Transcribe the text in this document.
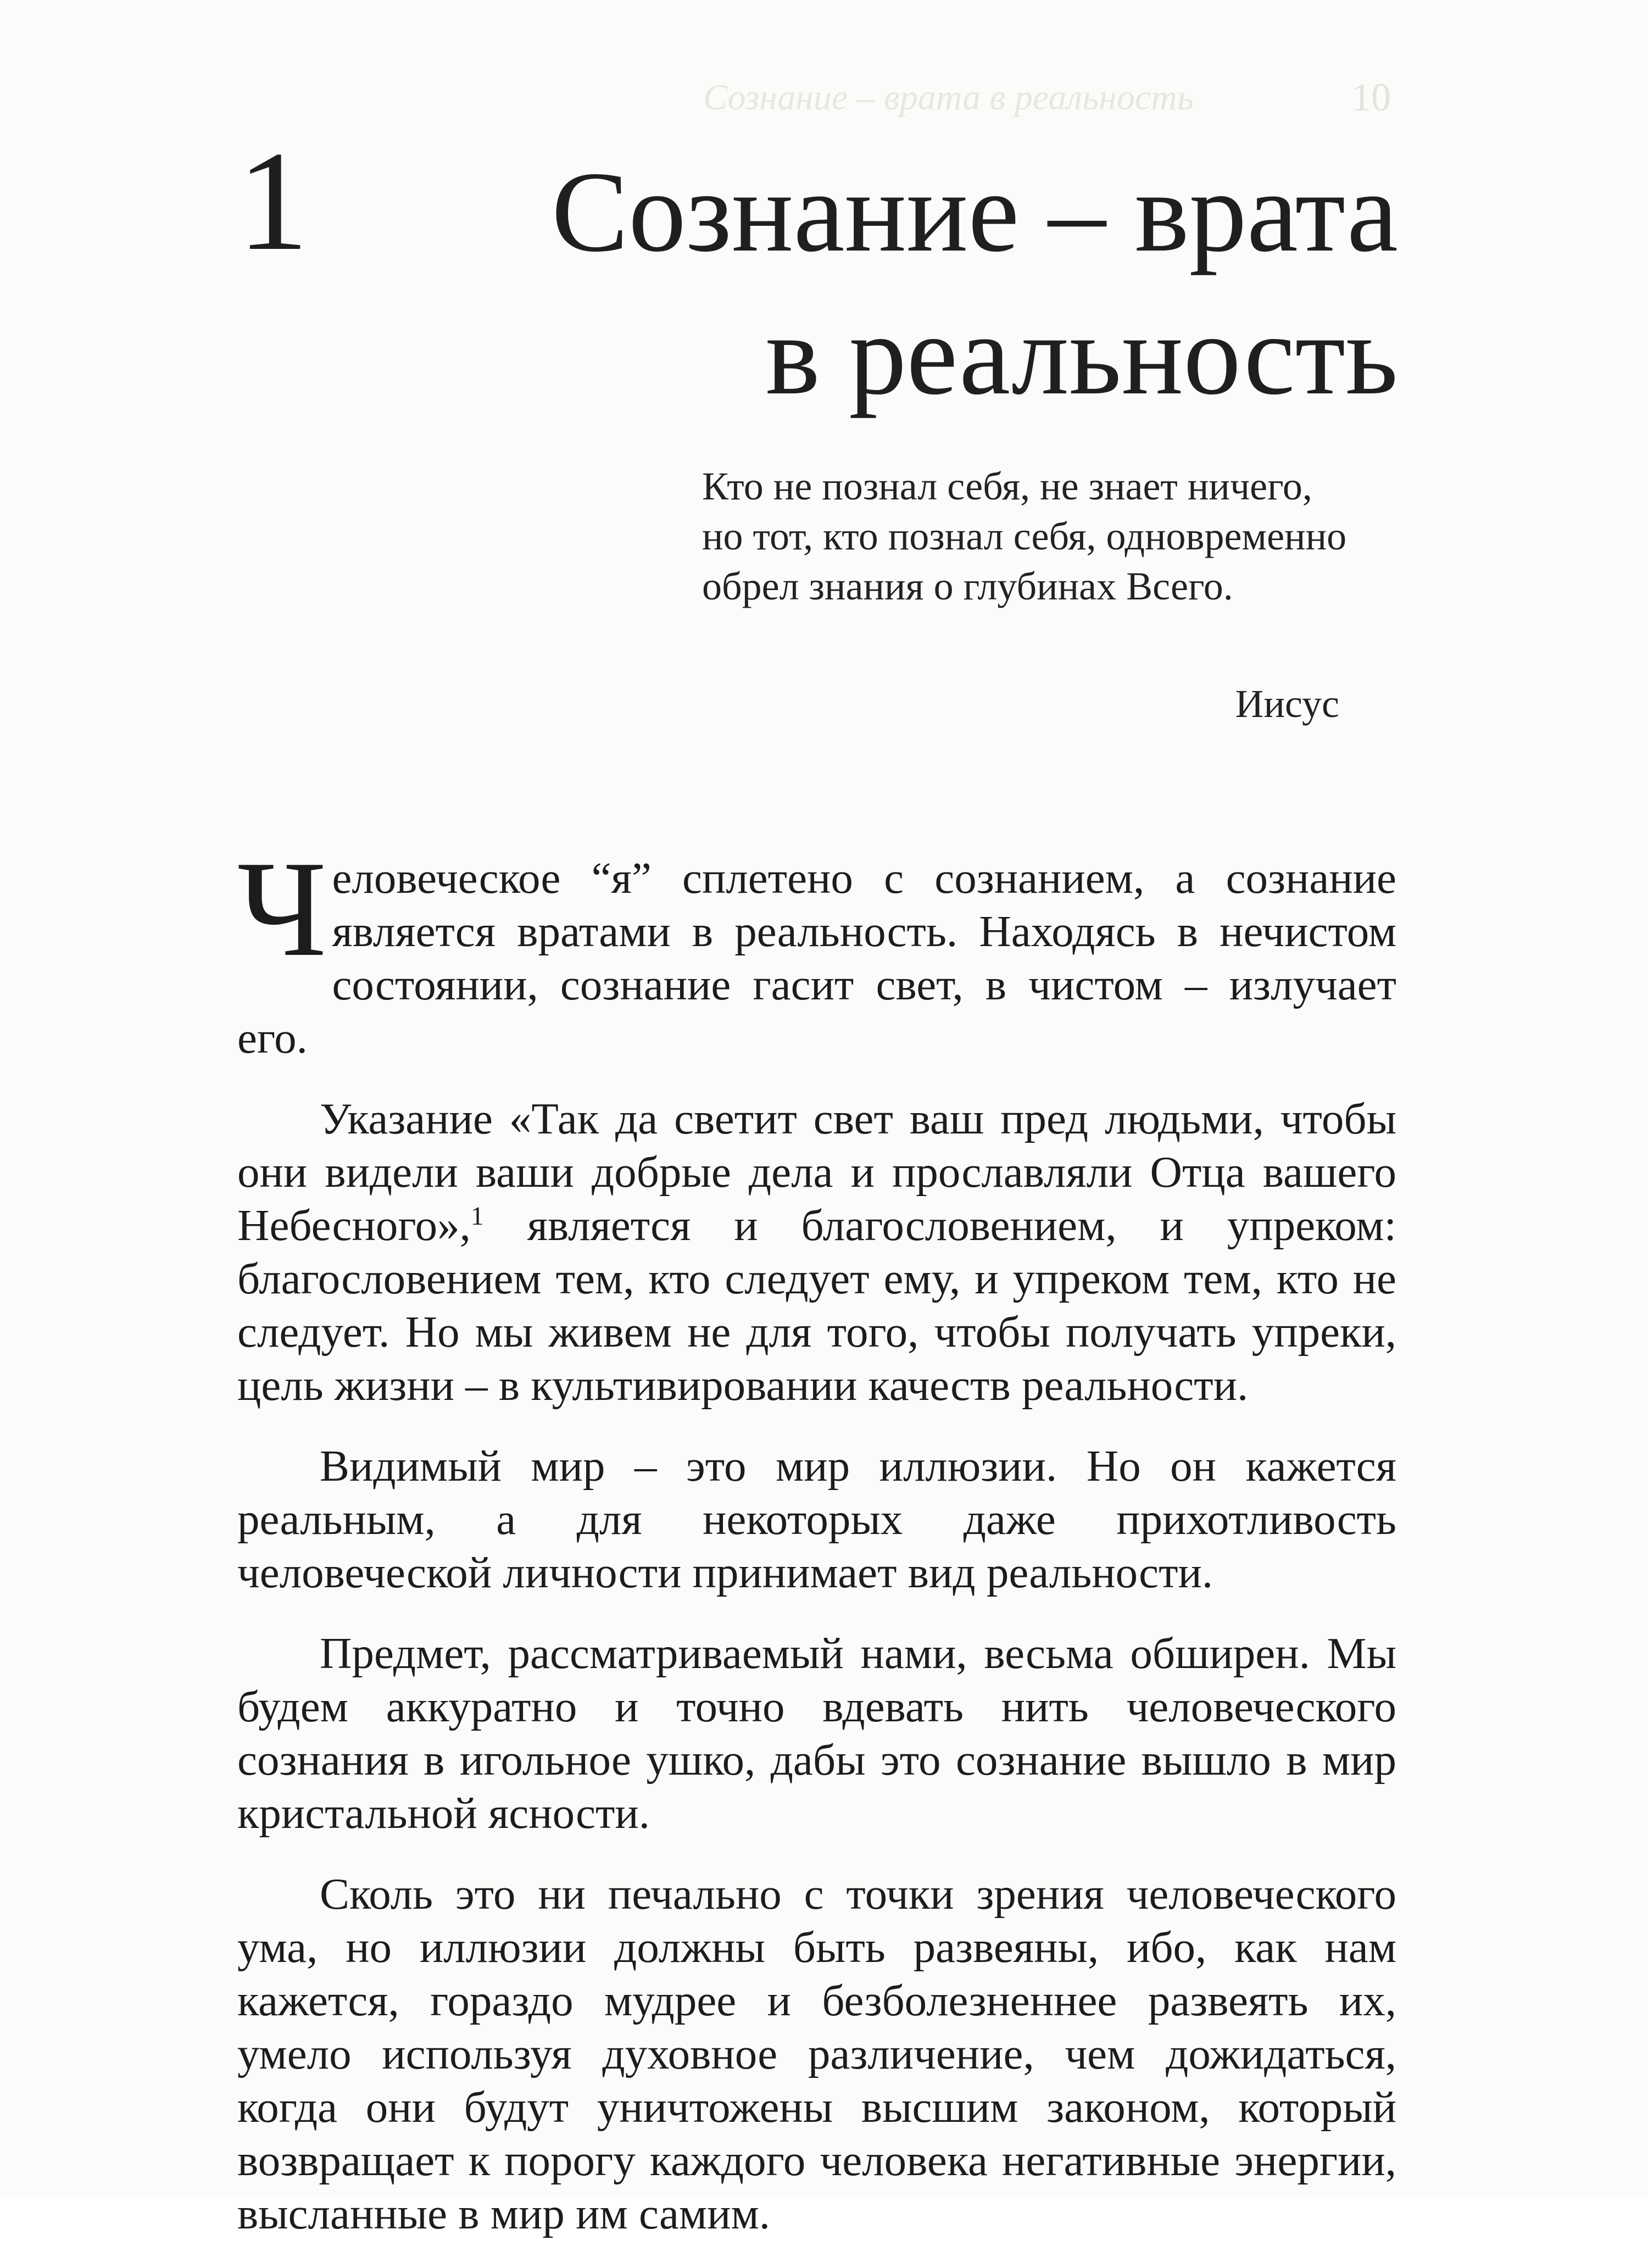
Сознание – врата в реальность	10
1 Сознание – врата в реальность
Кто не познал себя, не знает ничего, но тот, кто познал себя, одновременно обрел знания о глубинах Всего.
Иисус

Человеческое “я” сплетено с сознанием, а сознание является вратами в реальность. Находясь в нечистом состоянии, сознание гасит свет, в чистом – излучает его.

Указание «Так да светит свет ваш пред людьми, чтобы они видели ваши добрые дела и прославляли Отца вашего Небесного»,$^1$ является и благословением, и упреком: благословением тем, кто следует ему, и упреком тем, кто не следует. Но мы живем не для того, чтобы получать упреки, цель жизни – в культивировании качеств реальности.

Видимый мир – это мир иллюзии. Но он кажется реальным, а для некоторых даже прихотливость человеческой личности принимает вид реальности.

Предмет, рассматриваемый нами, весьма обширен. Мы будем аккуратно и точно вдевать нить человеческого сознания в игольное ушко, дабы это сознание вышло в мир кристальной ясности.

Сколь это ни печально с точки зрения человеческого ума, но иллюзии должны быть развеяны, ибо, как нам кажется, гораздо мудрее и безболезненнее развеять их, умело используя духовное различение, чем дожидаться, когда они будут уничтожены высшим законом, который возвращает к порогу каждого человека негативные энергии, высланные в мир им самим.
